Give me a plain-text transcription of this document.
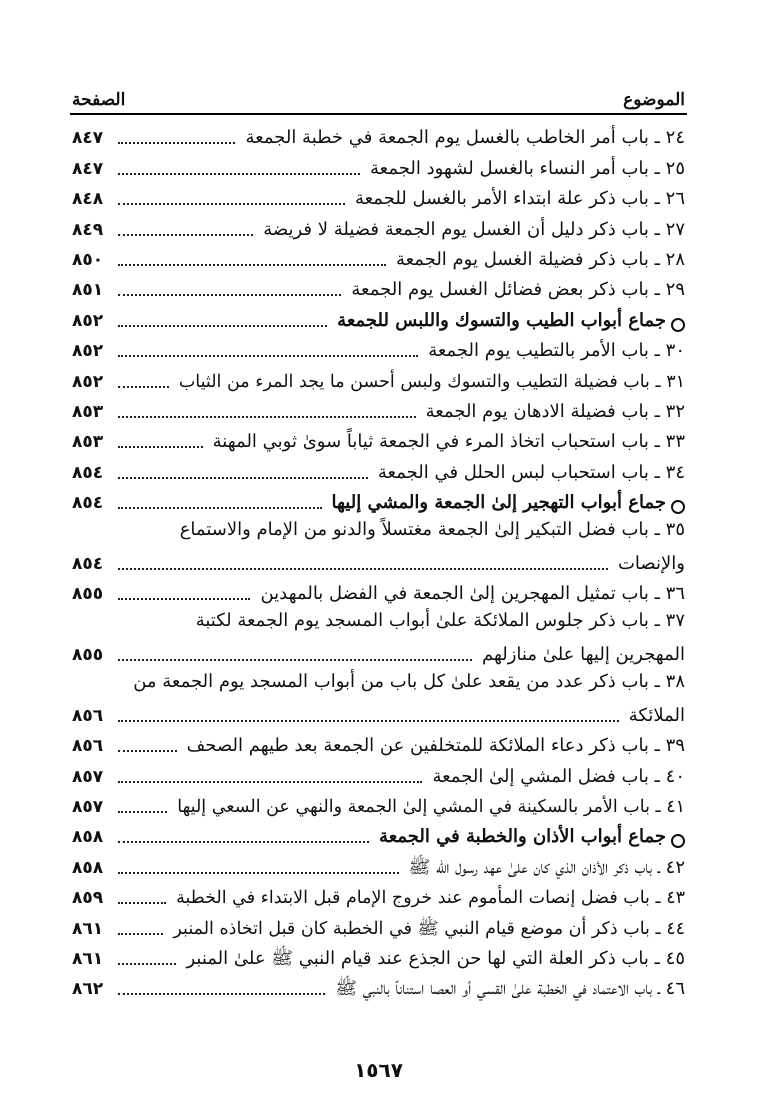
الموضوع
الصفحة
٢٤ ـ باب أمر الخاطب بالغسل يوم الجمعة في خطبة الجمعة
٨٤٧
٢٥ ـ باب أمر النساء بالغسل لشهود الجمعة
٨٤٧
٢٦ ـ باب ذكر علة ابتداء الأمر بالغسل للجمعة
٨٤٨
٢٧ ـ باب ذكر دليل أن الغسل يوم الجمعة فضيلة لا فريضة
٨٤٩
٢٨ ـ باب ذكر فضيلة الغسل يوم الجمعة
٨٥٠
٢٩ ـ باب ذكر بعض فضائل الغسل يوم الجمعة
٨٥١
جماع أبواب الطيب والتسوك واللبس للجمعة
٨٥٢
٣٠ ـ باب الأمر بالتطيب يوم الجمعة
٨٥٢
٣١ ـ باب فضيلة التطيب والتسوك ولبس أحسن ما يجد المرء من الثياب
٨٥٢
٣٢ ـ باب فضيلة الادهان يوم الجمعة
٨٥٣
٣٣ ـ باب استحباب اتخاذ المرء في الجمعة ثياباً سوىٰ ثوبي المهنة
٨٥٣
٣٤ ـ باب استحباب لبس الحلل في الجمعة
٨٥٤
جماع أبواب التهجير إلىٰ الجمعة والمشي إليها
٨٥٤
٣٥ ـ باب فضل التبكير إلىٰ الجمعة مغتسلاً والدنو من الإمام والاستماع
والإنصات
٨٥٤
٣٦ ـ باب تمثيل المهجرين إلىٰ الجمعة في الفضل بالمهدين
٨٥٥
٣٧ ـ باب ذكر جلوس الملائكة علىٰ أبواب المسجد يوم الجمعة لكتبة
المهجرين إليها علىٰ منازلهم
٨٥٥
٣٨ ـ باب ذكر عدد من يقعد علىٰ كل باب من أبواب المسجد يوم الجمعة من
الملائكة
٨٥٦
٣٩ ـ باب ذكر دعاء الملائكة للمتخلفين عن الجمعة بعد طيهم الصحف
٨٥٦
٤٠ ـ باب فضل المشي إلىٰ الجمعة
٨٥٧
٤١ ـ باب الأمر بالسكينة في المشي إلىٰ الجمعة والنهي عن السعي إليها
٨٥٧
جماع أبواب الأذان والخطبة في الجمعة
٨٥٨
٤٢ ـ باب ذكر الأذان الذي كان علىٰ عهد رسول الله ﷺ
٨٥٨
٤٣ ـ باب فضل إنصات المأموم عند خروج الإمام قبل الابتداء في الخطبة
٨٥٩
٤٤ ـ باب ذكر أن موضع قيام النبي ﷺ في الخطبة كان قبل اتخاذه المنبر
٨٦١
٤٥ ـ باب ذكر العلة التي لها حن الجذع عند قيام النبي ﷺ علىٰ المنبر
٨٦١
٤٦ ـ باب الاعتماد في الخطبة علىٰ القسي أو العصا استناناً بالنبي ﷺ
٨٦٢
١٥٦٧
